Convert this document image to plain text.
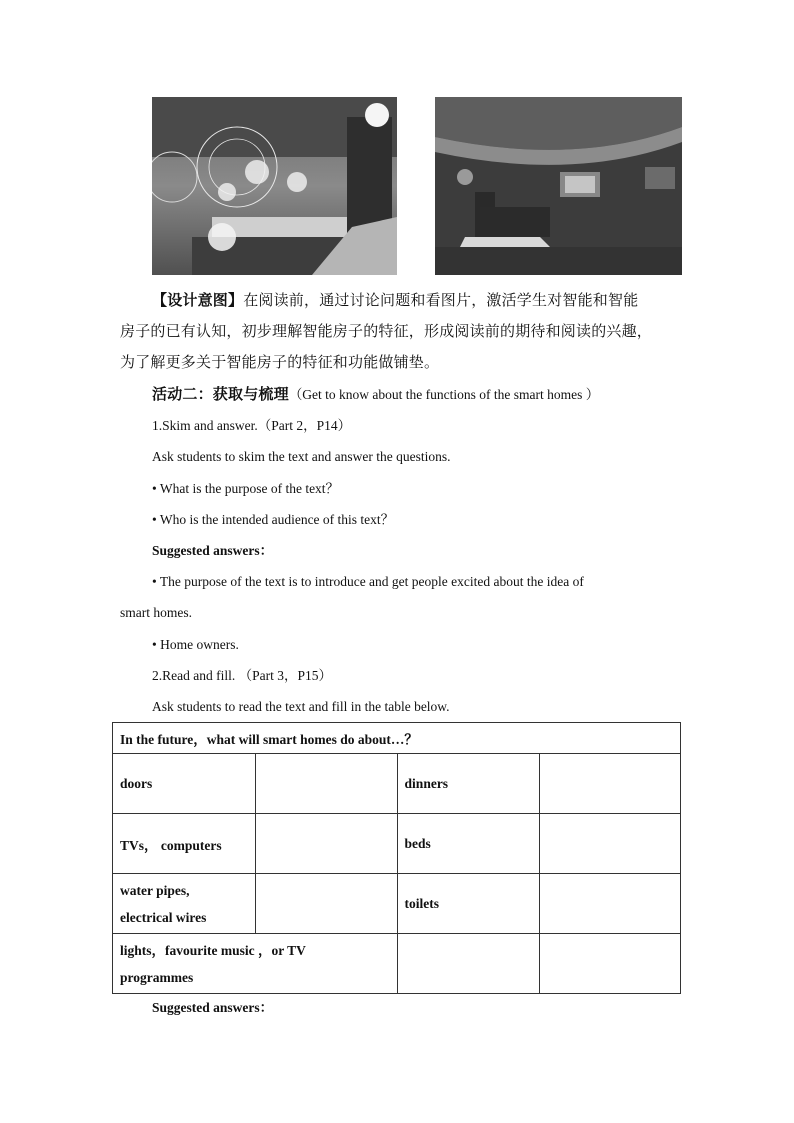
【设计意图】在阅读前，通过讨论问题和看图片，激活学生对智能和智能
房子的已有认知，初步理解智能房子的特征，形成阅读前的期待和阅读的兴趣，
为了解更多关于智能房子的特征和功能做铺垫。
活动二：获取与梳理（Get to know about the functions of the smart homes ）
1.Skim and answer.（Part 2，P14）
Ask students to skim the text and answer the questions.
• What is the purpose of the text？
• Who is the intended audience of this text？
Suggested answers：
• The purpose of the text is to introduce and get people excited about the idea of
smart homes.
• Home owners.
2.Read and fill. （Part 3，P15）
Ask students to read the text and fill in the table below.
In the future，what will smart homes do about…？			
doors		dinners	
TVs， computers		beds	
water pipes,
electrical wires		toilets	
lights，favourite music ，or TV
programmes			
Suggested answers：
